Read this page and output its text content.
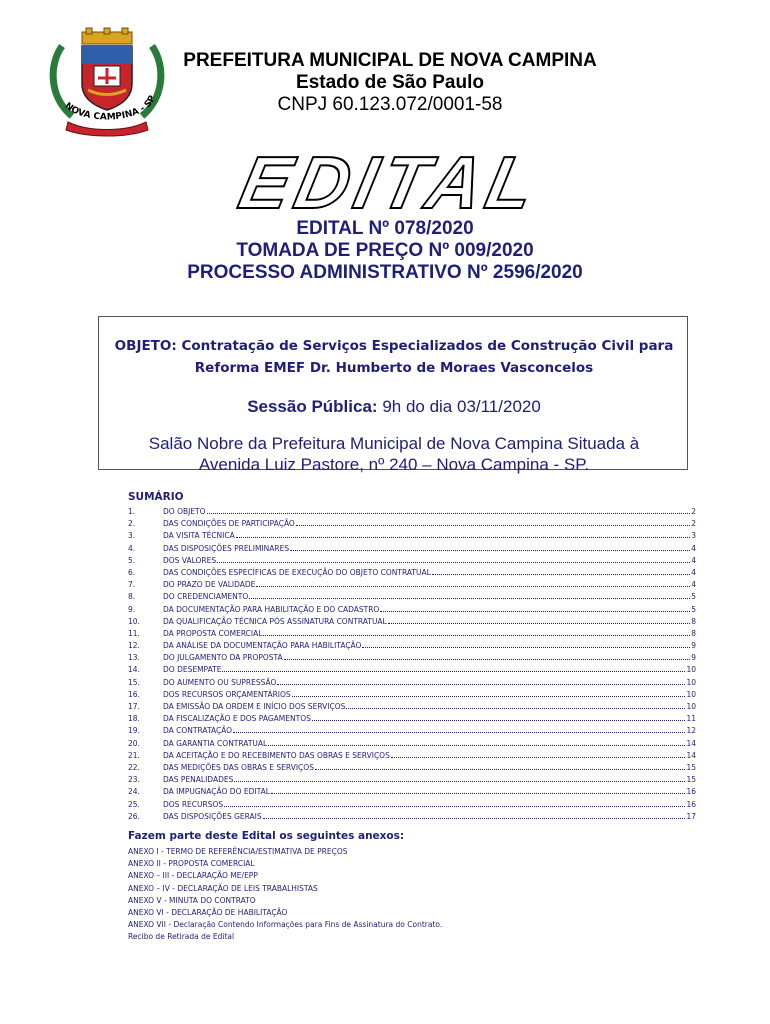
NOVA CAMPINA - SP
PREFEITURA MUNICIPAL DE NOVA CAMPINA
Estado de São Paulo
CNPJ 60.123.072/0001-58
EDITAL
EDITAL Nº 078/2020
TOMADA DE PREÇO Nº 009/2020
PROCESSO ADMINISTRATIVO Nº 2596/2020
OBJETO: Contratação de Serviços Especializados de Construção Civil para
Reforma EMEF Dr. Humberto de Moraes Vasconcelos
Sessão Pública: 9h do dia 03/11/2020
Salão Nobre da Prefeitura Municipal de Nova Campina Situada à
Avenida Luiz Pastore, nº 240 – Nova Campina - SP.
SUMÁRIO
1.	DO OBJETO	2
2.	DAS CONDIÇÕES DE PARTICIPAÇÃO	2
3.	DA VISITA TÉCNICA	3
4.	DAS DISPOSIÇÕES PRELIMINARES	4
5.	DOS VALORES	4
6.	DAS CONDIÇÕES ESPECÍFICAS DE EXECUÇÃO DO OBJETO CONTRATUAL	4
7.	DO PRAZO DE VALIDADE	4
8.	DO CREDENCIAMENTO	5
9.	DA DOCUMENTAÇÃO PARA HABILITAÇÃO E DO CADASTRO	5
10.	DA QUALIFICAÇÃO TÉCNICA PÓS ASSINATURA CONTRATUAL	8
11.	DA PROPOSTA COMERCIAL	8
12.	DA ANÁLISE DA DOCUMENTAÇÃO PARA HABILITAÇÃO	9
13.	DO JULGAMENTO DA PROPOSTA	9
14.	DO DESEMPATE	10
15.	DO AUMENTO OU SUPRESSÃO	10
16.	DOS RECURSOS ORÇAMENTÁRIOS	10
17.	DA EMISSÃO DA ORDEM E INÍCIO DOS SERVIÇOS	10
18.	DA FISCALIZAÇÃO E DOS PAGAMENTOS	11
19.	DA CONTRATAÇÃO	12
20.	DA GARANTIA CONTRATUAL	14
21.	DA ACEITAÇÃO E DO RECEBIMENTO DAS OBRAS E SERVIÇOS	14
22.	DAS MEDIÇÕES DAS OBRAS E SERVIÇOS	15
23.	DAS PENALIDADES	15
24.	DA IMPUGNAÇÃO DO EDITAL	16
25.	DOS RECURSOS	16
26.	DAS DISPOSIÇÕES GERAIS	17
Fazem parte deste Edital os seguintes anexos:
ANEXO I - TERMO DE REFERÊNCIA/ESTIMATIVA DE PREÇOS
ANEXO II - PROPOSTA COMERCIAL
ANEXO – III - DECLARAÇÃO ME/EPP
ANEXO – IV - DECLARAÇÃO DE LEIS TRABALHISTAS
ANEXO V - MINUTA DO CONTRATO
ANEXO VI - DECLARAÇÃO DE HABILITAÇÃO
ANEXO VII - Declaração Contendo Informações para Fins de Assinatura do Contrato.
Recibo de Retirada de Edital
